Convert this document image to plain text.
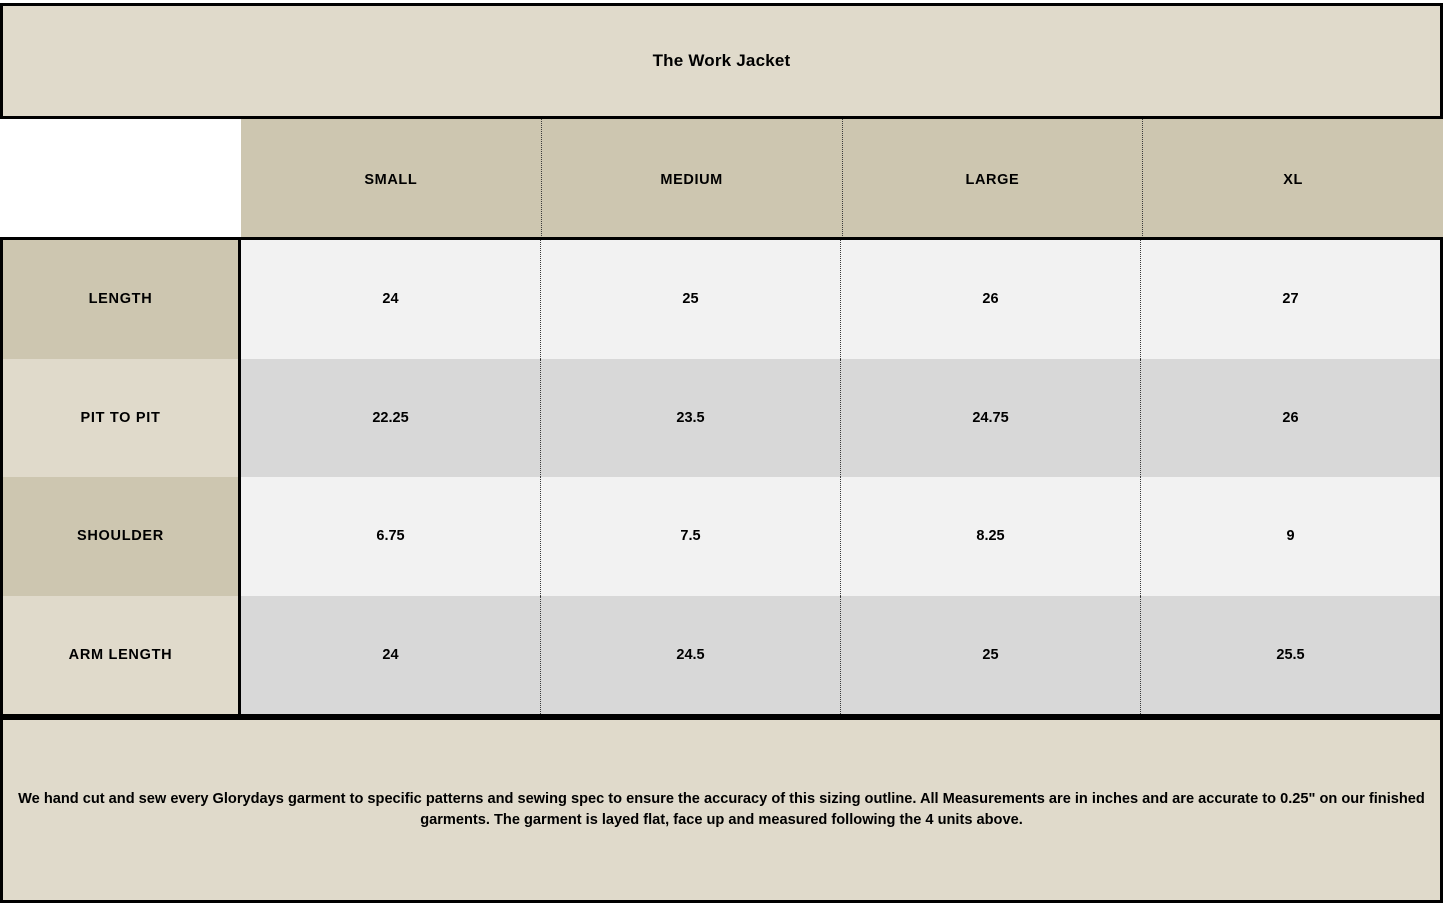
The Work Jacket
SMALL	MEDIUM	LARGE	XL
LENGTH	24	25	26	27
PIT TO PIT	22.25	23.5	24.75	26
SHOULDER	6.75	7.5	8.25	9
ARM LENGTH	24	24.5	25	25.5
We hand cut and sew every Glorydays garment to specific patterns and sewing spec to ensure the accuracy of this sizing outline. All Measurements are in inches and are accurate to 0.25" on our finished garments. The garment is layed flat, face up and measured following the 4 units above.
